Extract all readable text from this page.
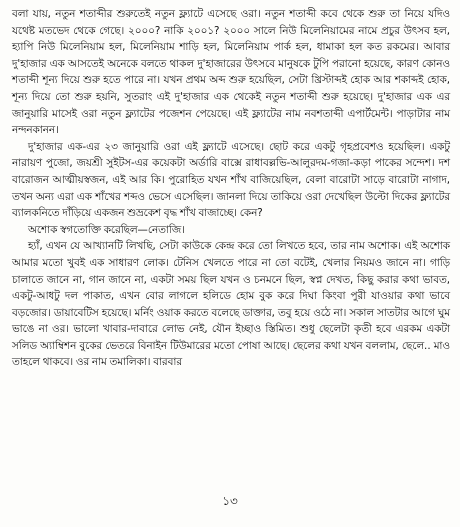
বলা যায়, নতুন শতাব্দীর শুরুতেই নতুন ফ্ল্যাটে এসেছে ওরা। নতুন শতাব্দী কবে থেকে শুরু তা নিয়ে যদিও যথেষ্ট মতভেদ থেকে গেছে। ২০০০? নাকি ২০০১? ২০০০ সালে নিউ মিলেনিয়ামের নামে প্রচুর উৎসব হল, হ্যাপি নিউ মিলেনিয়াম হল, মিলেনিয়াম শাড়ি হল, মিলেনিয়াম পার্ক হল, ধামাকা হল কত রকমের। আবার দু'হাজার এক আসতেই অনেকে বলতে থাকল দু'হাজারের উৎসবে মানুষকে টুপি পরানো হয়েছে, কারণ কোনও শতাব্দী শূন্য দিয়ে শুরু হতে পারে না। যখন প্রথম অব্দ শুরু হয়েছিল, সেটা খ্রিস্টাব্দই হোক আর শকাব্দই হোক, শূন্য দিয়ে তো শুরু হয়নি, সুতরাং এই দু'হাজার এক থেকেই নতুন শতাব্দী শুরু হয়েছে। দু'হাজার এক এর জানুয়ারি মাসেই ওরা নতুন ফ্ল্যাটের পজেশন পেয়েছে। এই ফ্ল্যাটের নাম নবশতাব্দী এপার্টমেন্ট। পাড়াটার নাম নন্দনকানন।

দু'হাজার এক-এর ২৩ জানুয়ারি ওরা এই ফ্ল্যাটে এসেছে। ছোট করে একটু গৃহপ্রবেশও হয়েছিল। একটু নারায়ণ পুজো, জয়শ্রী সুইটস-এর কয়েকটা অর্ডারি বাক্সে রাধাবল্লভি-আলুরদম-গজা-কড়া পাকের সন্দেশ। দশ বারোজন আত্মীয়স্বজন, এই আর কি। পুরোহিত যখন শাঁখ বাজিয়েছিল, বেলা বারোটা সাড়ে বারোটা নাগাদ, তখন অন্য এরা এক শাঁখের শব্দও ভেসে এসেছিল। জানলা দিয়ে তাকিয়ে ওরা দেখেছিল উল্টো দিকের ফ্ল্যাটের ব্যালকনিতে দাঁড়িয়ে একজন শুভ্রকেশ বৃদ্ধ শাঁখ বাজাচ্ছে। কেন?

অশোক স্বগতোক্তি করেছিল—নেতাজি।

হ্যাঁ, এখন যে আখ্যানটি লিখছি, সেটা কাউকে কেন্দ্র করে তো লিখতে হবে, তার নাম অশোক। এই অশোক আমার মতো খুবই এক সাধারণ লোক। টেনিস খেলতে পারে না তো বটেই, খেলার নিয়মও জানে না। গাড়ি চালাতে জানে না, গান জানে না, একটা সময় ছিল যখন ও চনমনে ছিল, স্বপ্ন দেখত, কিছু করার কথা ভাবত, একটু-আধটু দল পাকাত, এখন বোর লাগলে হলিডে হোম বুক করে দিঘা কিংবা পুরী যাওয়ার কথা ভাবে বড়জোর। ডায়াবেটিস হয়েছে। মর্নিং ওয়াক করতে বলেছে ডাক্তার, তবু হয়ে ওঠে না। সকাল সাতটার আগে ঘুম ভাঙে না ওর। ভালো খাবার-দাবারে লোভ নেই, যৌন ইচ্ছাও স্তিমিত। শুধু ছেলেটা কৃতী হবে এরকম একটা সলিড অ্যাম্বিশন বুকের ভেতরে বিনাইন টিউমারের মতো পোষা আছে। ছেলের কথা যখন বললাম, ছেলে.. মাও তাহলে থাকবে। ওর নাম তমালিকা। বারবার

১৩
